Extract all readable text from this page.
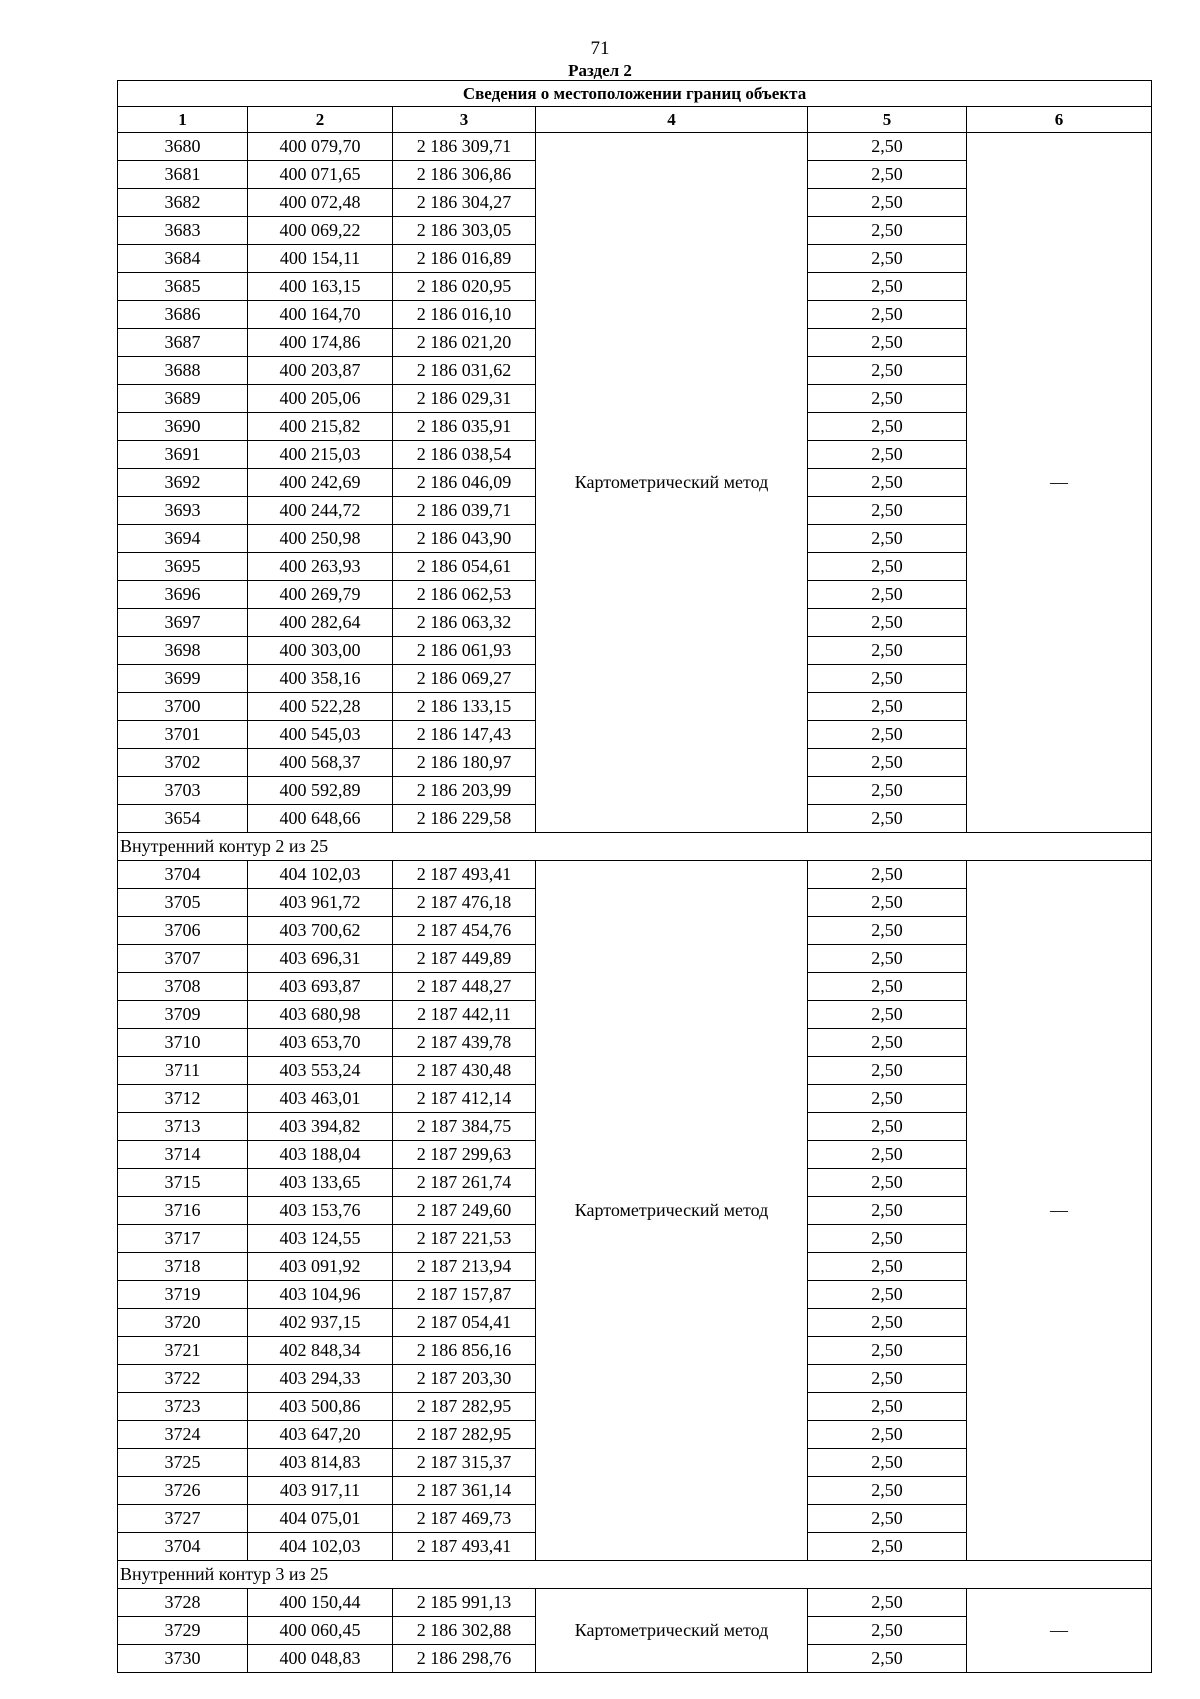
71
Раздел 2
Сведения о местоположении границ объекта					
1	2	3	4	5	6
3680	400 079,70	2 186 309,71	Картометрический метод	2,50	—
3681	400 071,65	2 186 306,86		2,50	
3682	400 072,48	2 186 304,27		2,50	
3683	400 069,22	2 186 303,05		2,50	
3684	400 154,11	2 186 016,89		2,50	
3685	400 163,15	2 186 020,95		2,50	
3686	400 164,70	2 186 016,10		2,50	
3687	400 174,86	2 186 021,20		2,50	
3688	400 203,87	2 186 031,62		2,50	
3689	400 205,06	2 186 029,31		2,50	
3690	400 215,82	2 186 035,91		2,50	
3691	400 215,03	2 186 038,54		2,50	
3692	400 242,69	2 186 046,09		2,50	
3693	400 244,72	2 186 039,71		2,50	
3694	400 250,98	2 186 043,90		2,50	
3695	400 263,93	2 186 054,61		2,50	
3696	400 269,79	2 186 062,53		2,50	
3697	400 282,64	2 186 063,32		2,50	
3698	400 303,00	2 186 061,93		2,50	
3699	400 358,16	2 186 069,27		2,50	
3700	400 522,28	2 186 133,15		2,50	
3701	400 545,03	2 186 147,43		2,50	
3702	400 568,37	2 186 180,97		2,50	
3703	400 592,89	2 186 203,99		2,50	
3654	400 648,66	2 186 229,58		2,50	
Внутренний контур 2 из 25					
3704	404 102,03	2 187 493,41	Картометрический метод	2,50	—
3705	403 961,72	2 187 476,18		2,50	
3706	403 700,62	2 187 454,76		2,50	
3707	403 696,31	2 187 449,89		2,50	
3708	403 693,87	2 187 448,27		2,50	
3709	403 680,98	2 187 442,11		2,50	
3710	403 653,70	2 187 439,78		2,50	
3711	403 553,24	2 187 430,48		2,50	
3712	403 463,01	2 187 412,14		2,50	
3713	403 394,82	2 187 384,75		2,50	
3714	403 188,04	2 187 299,63		2,50	
3715	403 133,65	2 187 261,74		2,50	
3716	403 153,76	2 187 249,60		2,50	
3717	403 124,55	2 187 221,53		2,50	
3718	403 091,92	2 187 213,94		2,50	
3719	403 104,96	2 187 157,87		2,50	
3720	402 937,15	2 187 054,41		2,50	
3721	402 848,34	2 186 856,16		2,50	
3722	403 294,33	2 187 203,30		2,50	
3723	403 500,86	2 187 282,95		2,50	
3724	403 647,20	2 187 282,95		2,50	
3725	403 814,83	2 187 315,37		2,50	
3726	403 917,11	2 187 361,14		2,50	
3727	404 075,01	2 187 469,73		2,50	
3704	404 102,03	2 187 493,41		2,50	
Внутренний контур 3 из 25					
3728	400 150,44	2 185 991,13	Картометрический метод	2,50	—
3729	400 060,45	2 186 302,88		2,50	
3730	400 048,83	2 186 298,76		2,50	
